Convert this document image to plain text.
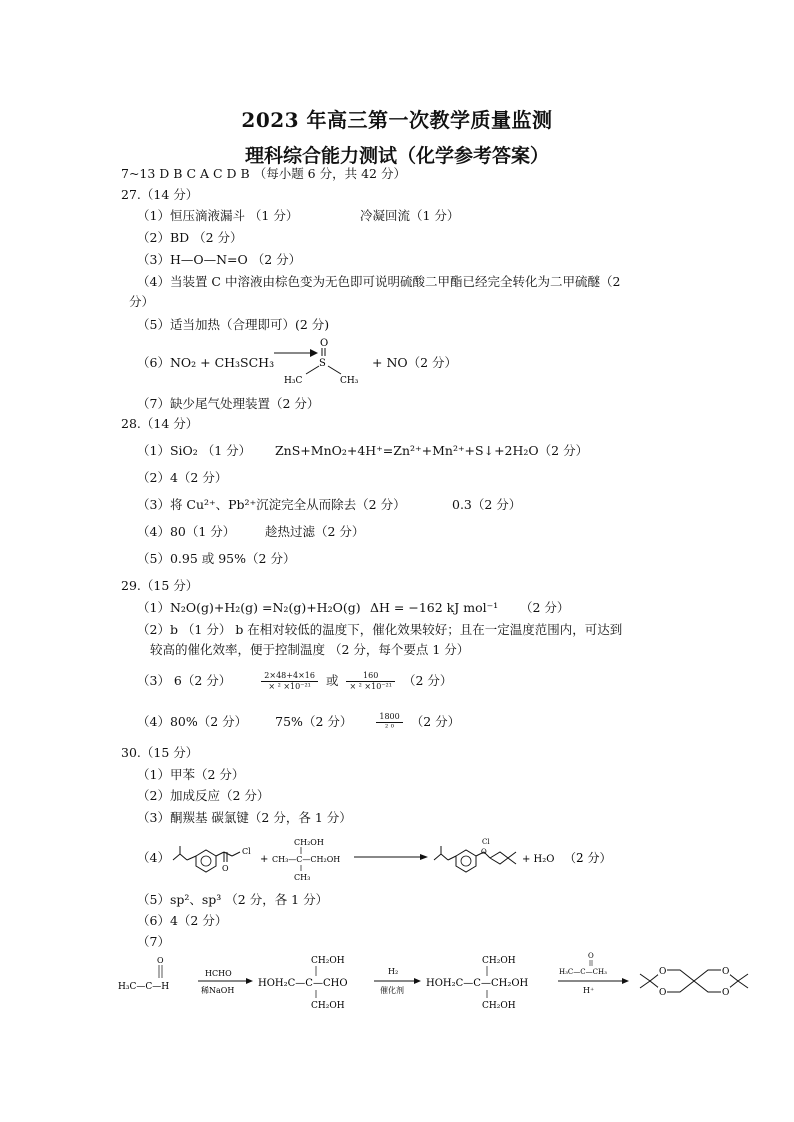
2023 年高三第一次教学质量监测
理科综合能力测试（化学参考答案）
7~13 D B C A C D B （每小题 6 分，共 42 分）
27.（14 分）
（1）恒压滴液漏斗 （1 分）	冷凝回流（1 分）
（2）BD （2 分）
（3）H—O—N=O （2 分）
（4）当装置 C 中溶液由棕色变为无色即可说明硫酸二甲酯已经完全转化为二甲硫醚（2
分）
（5）适当加热（合理即可）(2 分)
（6）NO₂ + CH₃SCH₃
O
S
H₃C	CH₃
+ NO（2 分）
（7）缺少尾气处理装置（2 分）
28.（14 分）
（1）SiO₂ （1 分） ZnS+MnO₂+4H⁺=Zn²⁺+Mn²⁺+S↓+2H₂O（2 分）
（2）4（2 分）
（3）将 Cu²⁺、Pb²⁺沉淀完全从而除去（2 分）	0.3（2 分）
（4）80（1 分） 趁热过滤（2 分）
（5）0.95 或 95%（2 分）
29.（15 分）
（1）N₂O(g)+H₂(g) =N₂(g)+H₂O(g) ΔH = −162 kJ mol⁻¹ （2 分）
（2）b （1 分） b 在相对较低的温度下，催化效果较好；且在一定温度范围内，可达到
较高的催化效率，便于控制温度 （2 分，每个要点 1 分）
（3） 6（2 分）	$\frac{2\times 48+4\times 16}{\text{× ² ×10⁻²¹}}$ 或 $\frac{160}{\text{× ² ×10⁻²¹}} (2$ 分）
（4）80%（2 分） 75%（2 分）	$\frac{1800}{\text{² ⁰}} (2$ 分）
30.（15 分）
（1）甲苯（2 分）
（2）加成反应（2 分）
（3）酮羰基 碳氯键（2 分，各 1 分）
（4）
O
Cl
+
CH₂OH
CH₃—C—CH₂OH
CH₃
Cl
O
+ H₂O （2 分）
（5）sp²、sp³ （2 分，各 1 分）
（6）4（2 分）
（7）
O
H₃C—C—H
HCHO
稀NaOH
CH₂OH
HOH₂C—C—CHO
CH₂OH
H₂
催化剂
CH₂OH
HOH₂C—C—CH₂OH
CH₂OH
O
H₃C—C—CH₃
H⁺
O
O
O
O
